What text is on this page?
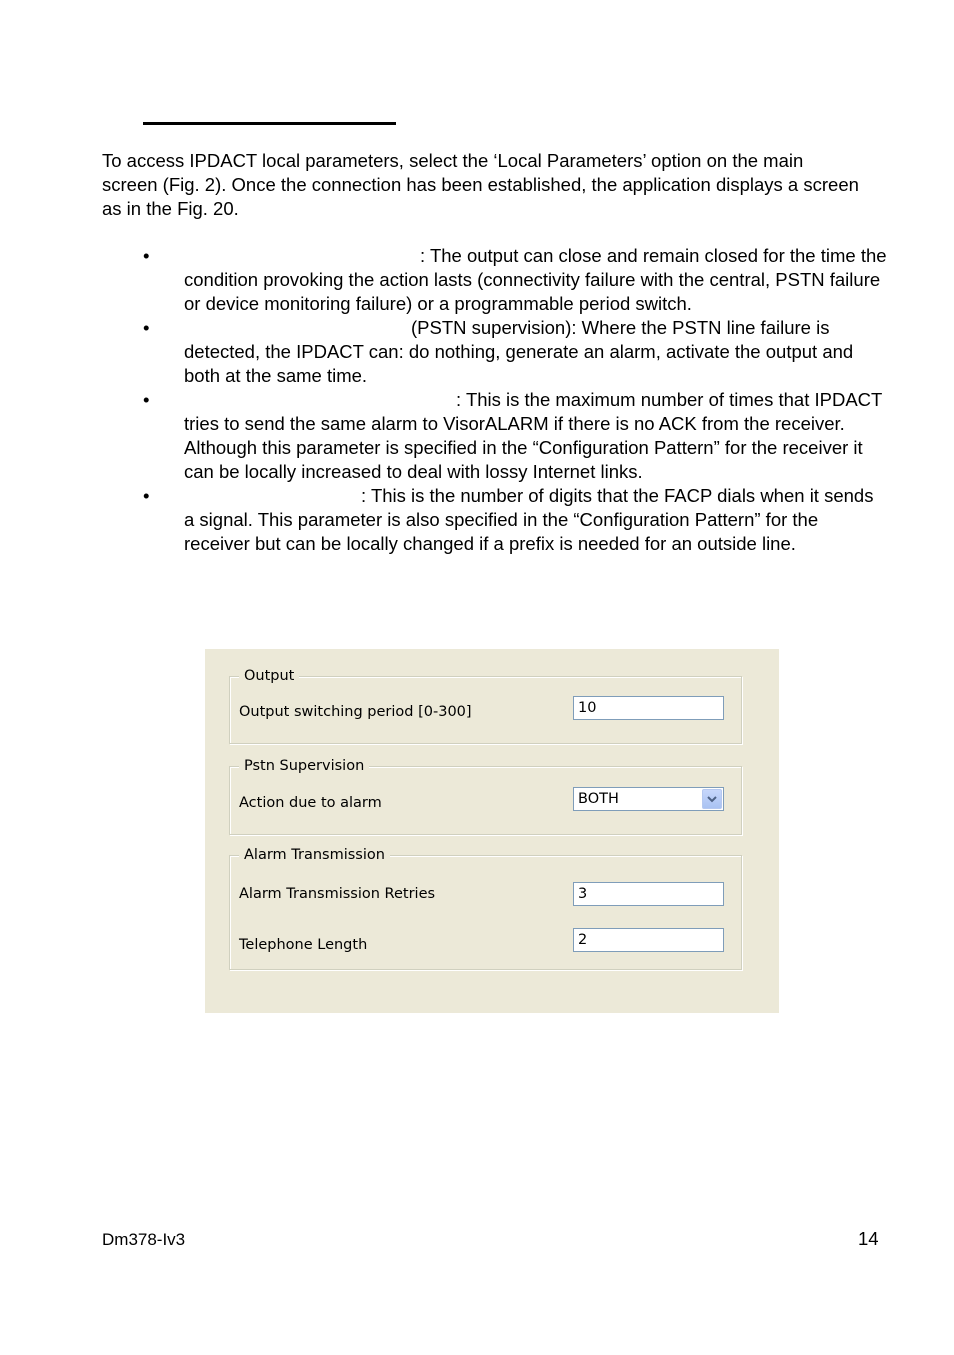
To access IPDACT local parameters, select the ‘Local Parameters’ option on the main screen (Fig. 2). Once the connection has been established, the application displays a screen as in the Fig. 20.

•	: The output can close and remain closed for the time the condition provoking the action lasts (connectivity failure with the central, PSTN failure or device monitoring failure) or a programmable period switch.
•	(PSTN supervision): Where the PSTN line failure is detected, the IPDACT can: do nothing, generate an alarm, activate the output and both at the same time.
•	: This is the maximum number of times that IPDACT tries to send the same alarm to VisorALARM if there is no ACK from the receiver. Although this parameter is specified in the “Configuration Pattern” for the receiver it can be locally increased to deal with lossy Internet links.
•	: This is the number of digits that the FACP dials when it sends a signal. This parameter is also specified in the “Configuration Pattern” for the receiver but can be locally changed if a prefix is needed for an outside line.
Output
Output switching period [0-300]	10
Pstn Supervision
Action due to alarm	BOTH
Alarm Transmission
Alarm Transmission Retries	3
Telephone Length	2
Dm378-Iv3	14
